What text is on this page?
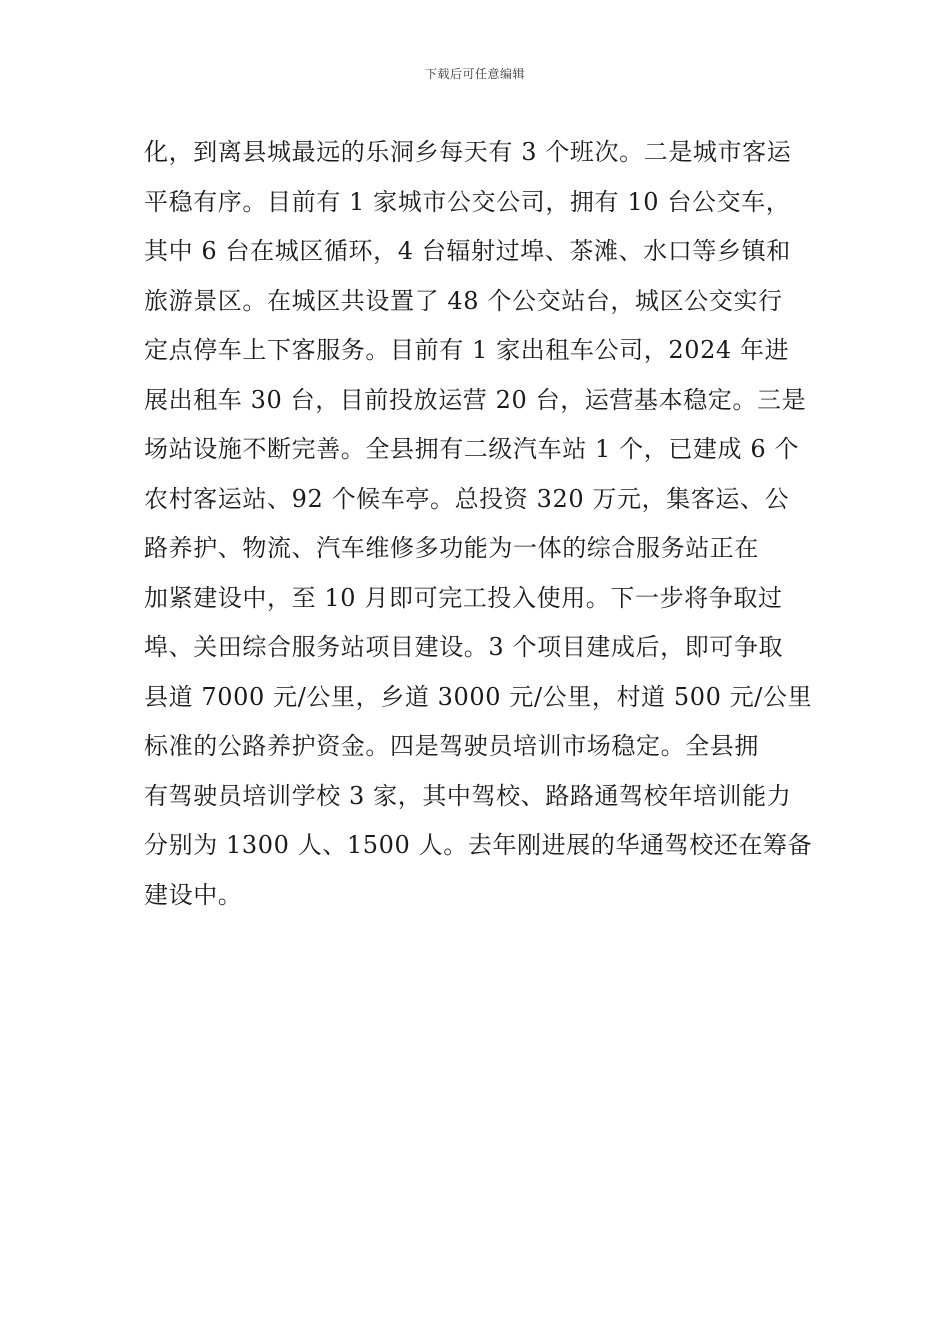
下载后可任意编辑
化，到离县城最远的乐洞乡每天有 3 个班次。二是城市客运
平稳有序。目前有 1 家城市公交公司，拥有 10 台公交车，
其中 6 台在城区循环，4 台辐射过埠、茶滩、水口等乡镇和
旅游景区。在城区共设置了 48 个公交站台，城区公交实行
定点停车上下客服务。目前有 1 家出租车公司，2024 年进
展出租车 30 台，目前投放运营 20 台，运营基本稳定。三是
场站设施不断完善。全县拥有二级汽车站 1 个，已建成 6 个
农村客运站、92 个候车亭。总投资 320 万元，集客运、公
路养护、物流、汽车维修多功能为一体的综合服务站正在
加紧建设中，至 10 月即可完工投入使用。下一步将争取过
埠、关田综合服务站项目建设。3 个项目建成后，即可争取
县道 7000 元/公里，乡道 3000 元/公里，村道 500 元/公里
标准的公路养护资金。四是驾驶员培训市场稳定。全县拥
有驾驶员培训学校 3 家，其中驾校、路路通驾校年培训能力
分别为 1300 人、1500 人。去年刚进展的华通驾校还在筹备
建设中。
